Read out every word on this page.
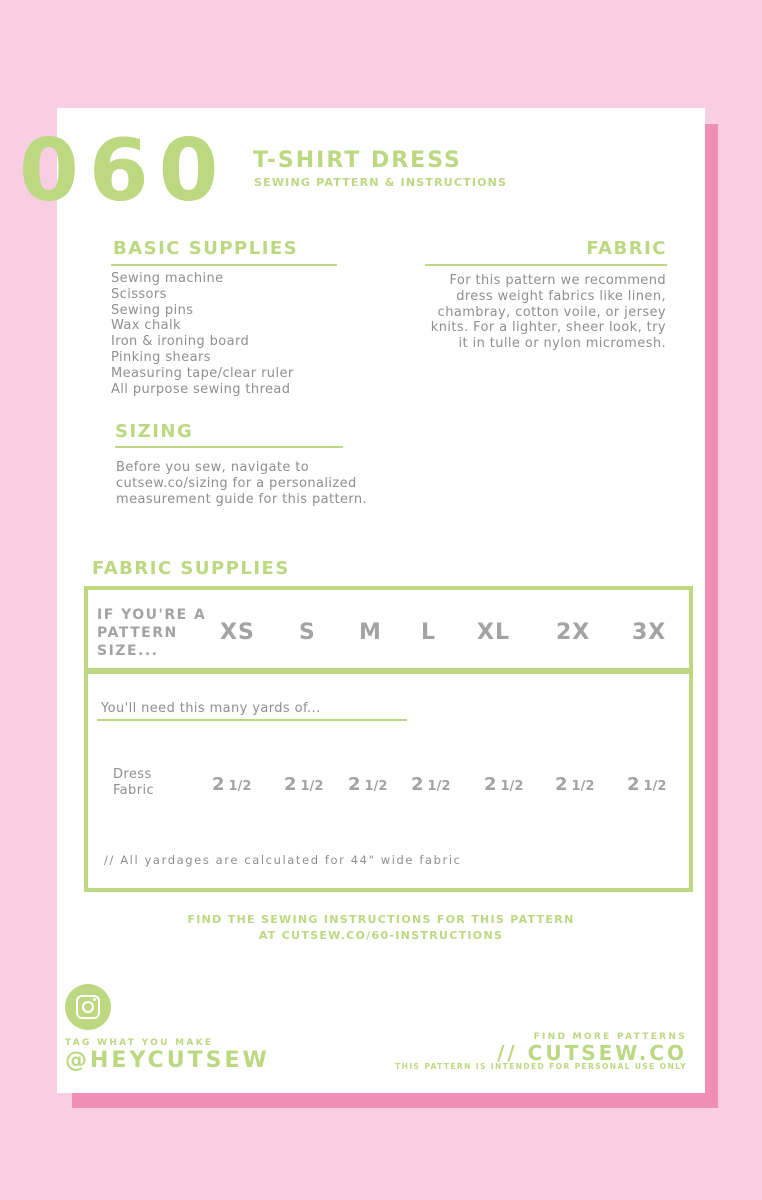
060 T-SHIRT DRESS
SEWING PATTERN & INSTRUCTIONS
BASIC SUPPLIES
Sewing machine
Scissors
Sewing pins
Wax chalk
Iron & ironing board
Pinking shears
Measuring tape/clear ruler
All purpose sewing thread
FABRIC
For this pattern we recommend
dress weight fabrics like linen,
chambray, cotton voile, or jersey
knits. For a lighter, sheer look, try
it in tulle or nylon micromesh.
SIZING
Before you sew, navigate to
cutsew.co/sizing for a personalized
measurement guide for this pattern.
FABRIC SUPPLIES
IF YOU'RE A
PATTERN
SIZE...
XS S M L XL 2X 3X
You'll need this many yards of...
Dress
Fabric	2 1/2 2 1/2 2 1/2 2 1/2 2 1/2 2 1/2 2 1/2
// All yardages are calculated for 44" wide fabric
FIND THE SEWING INSTRUCTIONS FOR THIS PATTERN
AT CUTSEW.CO/60-INSTRUCTIONS
TAG WHAT YOU MAKE
@HEYCUTSEW
FIND MORE PATTERNS
// CUTSEW.CO
THIS PATTERN IS INTENDED FOR PERSONAL USE ONLY
